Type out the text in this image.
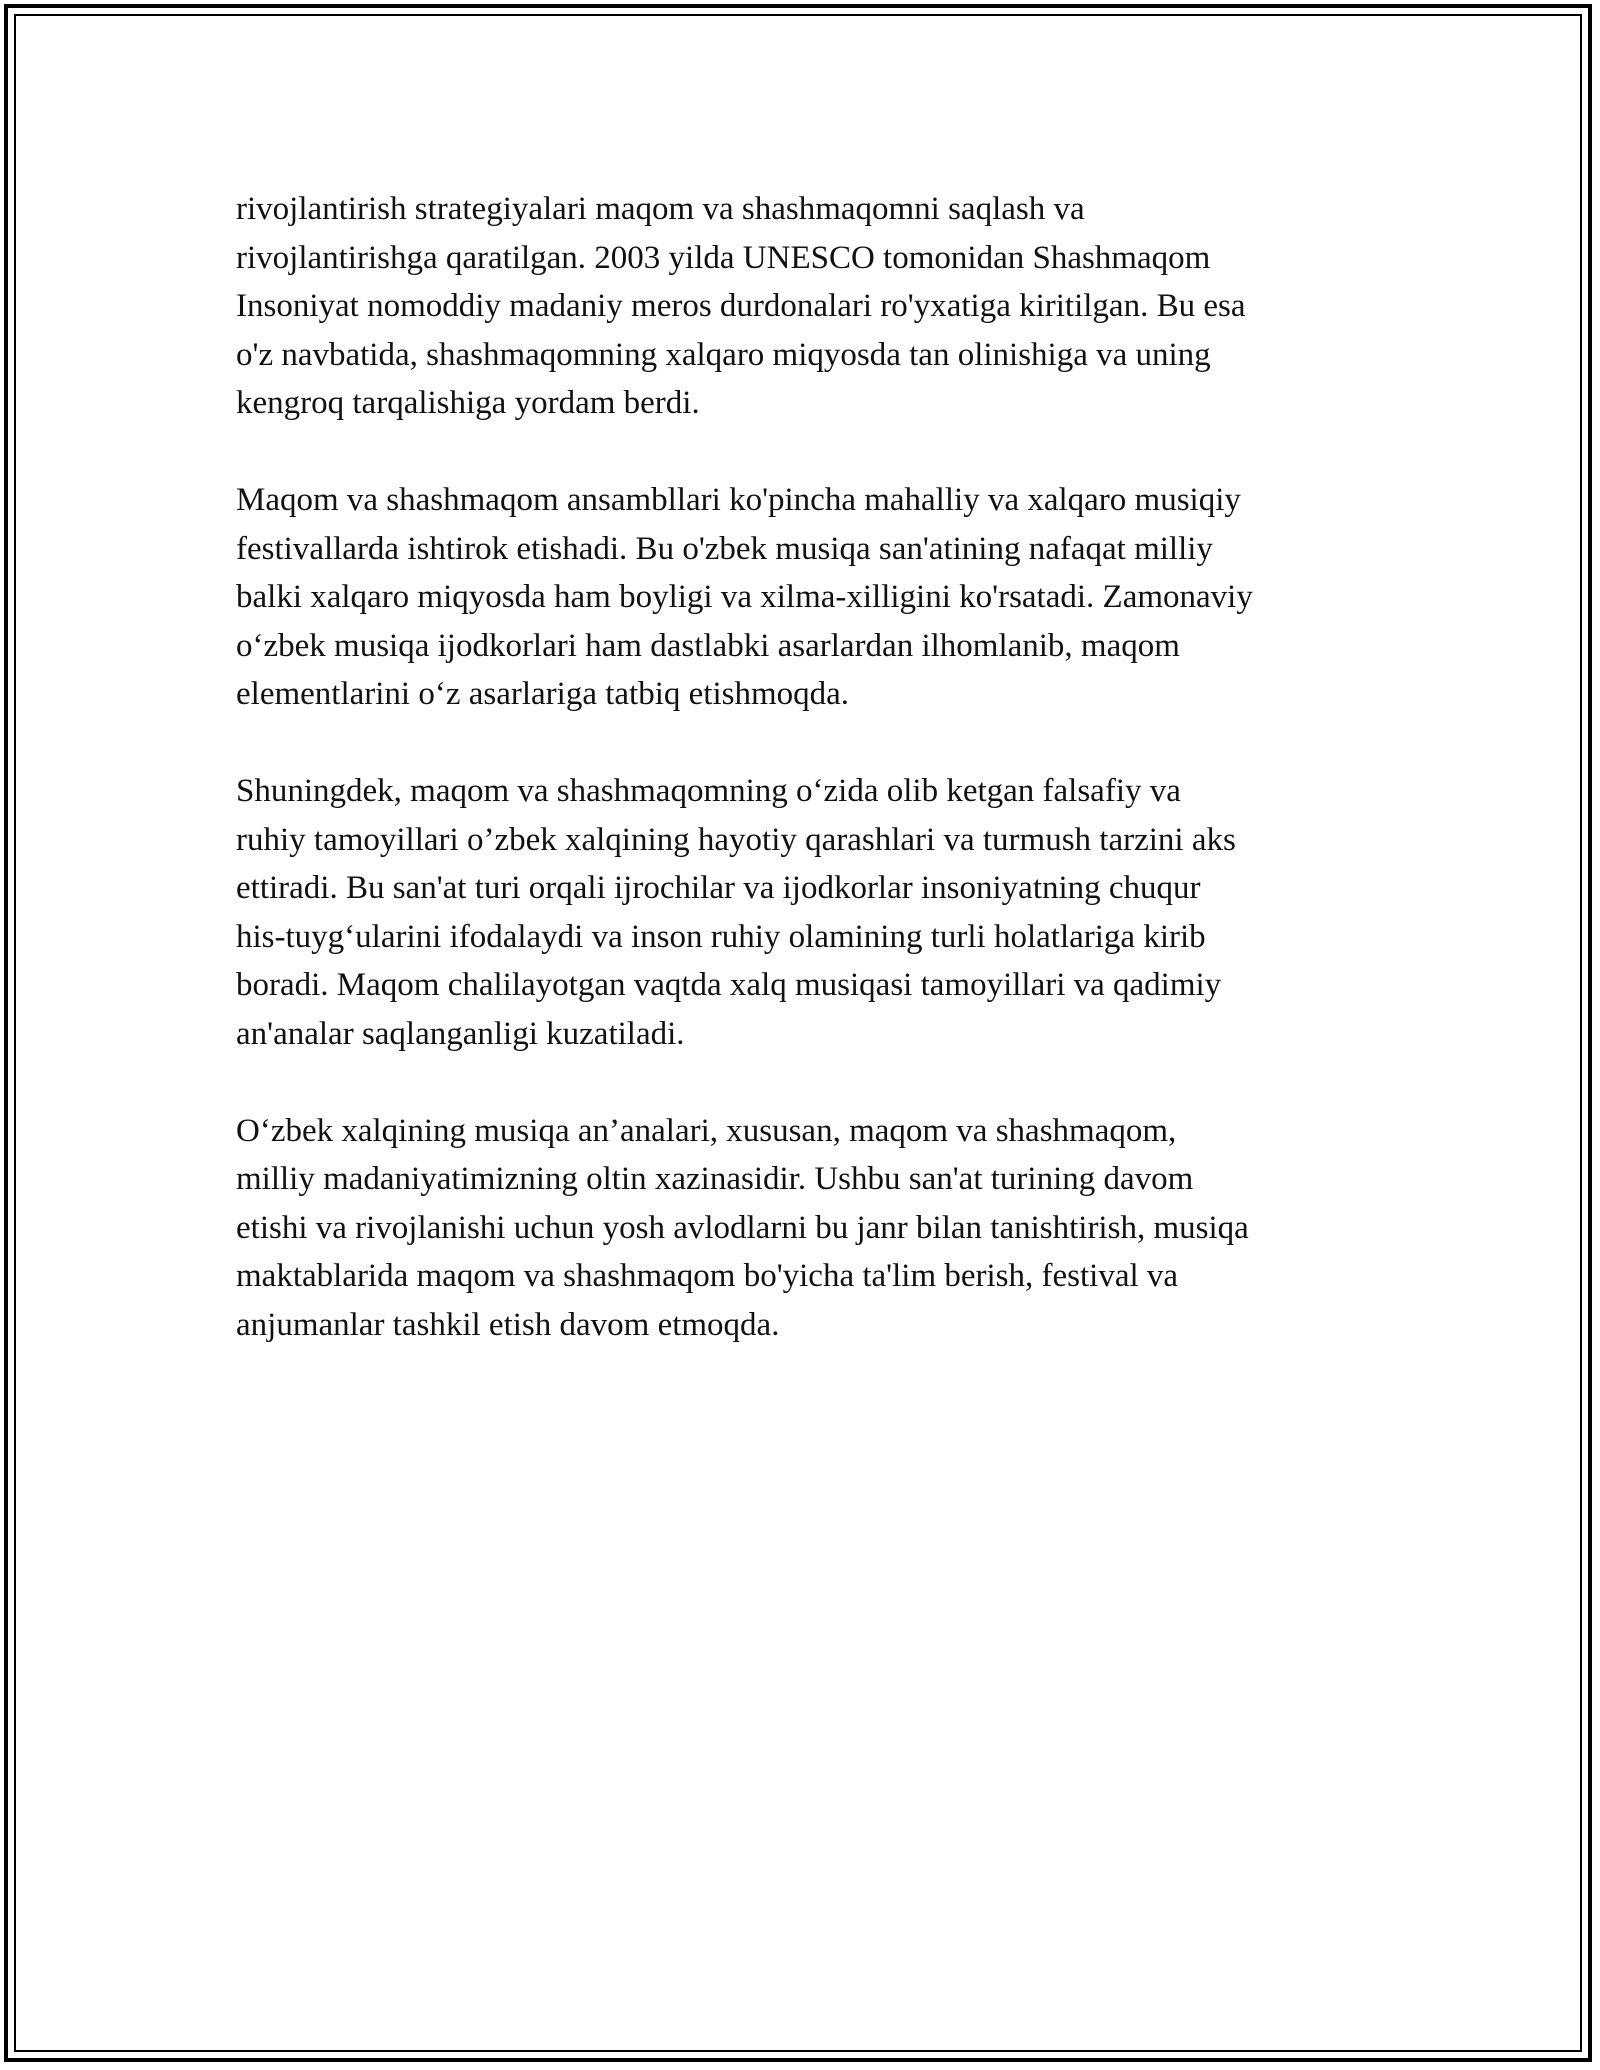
rivojlantirish strategiyalari maqom va shashmaqomni saqlash va
rivojlantirishga qaratilgan. 2003 yilda UNESCO tomonidan Shashmaqom
Insoniyat nomoddiy madaniy meros durdonalari ro'yxatiga kiritilgan. Bu esa
o'z navbatida, shashmaqomning xalqaro miqyosda tan olinishiga va uning
kengroq tarqalishiga yordam berdi.

Maqom va shashmaqom ansambllari ko'pincha mahalliy va xalqaro musiqiy
festivallarda ishtirok etishadi. Bu o'zbek musiqa san'atining nafaqat milliy
balki xalqaro miqyosda ham boyligi va xilma-xilligini ko'rsatadi. Zamonaviy
o‘zbek musiqa ijodkorlari ham dastlabki asarlardan ilhomlanib, maqom
elementlarini o‘z asarlariga tatbiq etishmoqda.

Shuningdek, maqom va shashmaqomning o‘zida olib ketgan falsafiy va
ruhiy tamoyillari o’zbek xalqining hayotiy qarashlari va turmush tarzini aks
ettiradi. Bu san'at turi orqali ijrochilar va ijodkorlar insoniyatning chuqur
his-tuyg‘ularini ifodalaydi va inson ruhiy olamining turli holatlariga kirib
boradi. Maqom chalilayotgan vaqtda xalq musiqasi tamoyillari va qadimiy
an'analar saqlanganligi kuzatiladi.

O‘zbek xalqining musiqa an’analari, xususan, maqom va shashmaqom,
milliy madaniyatimizning oltin xazinasidir. Ushbu san'at turining davom
etishi va rivojlanishi uchun yosh avlodlarni bu janr bilan tanishtirish, musiqa
maktablarida maqom va shashmaqom bo'yicha ta'lim berish, festival va
anjumanlar tashkil etish davom etmoqda.
